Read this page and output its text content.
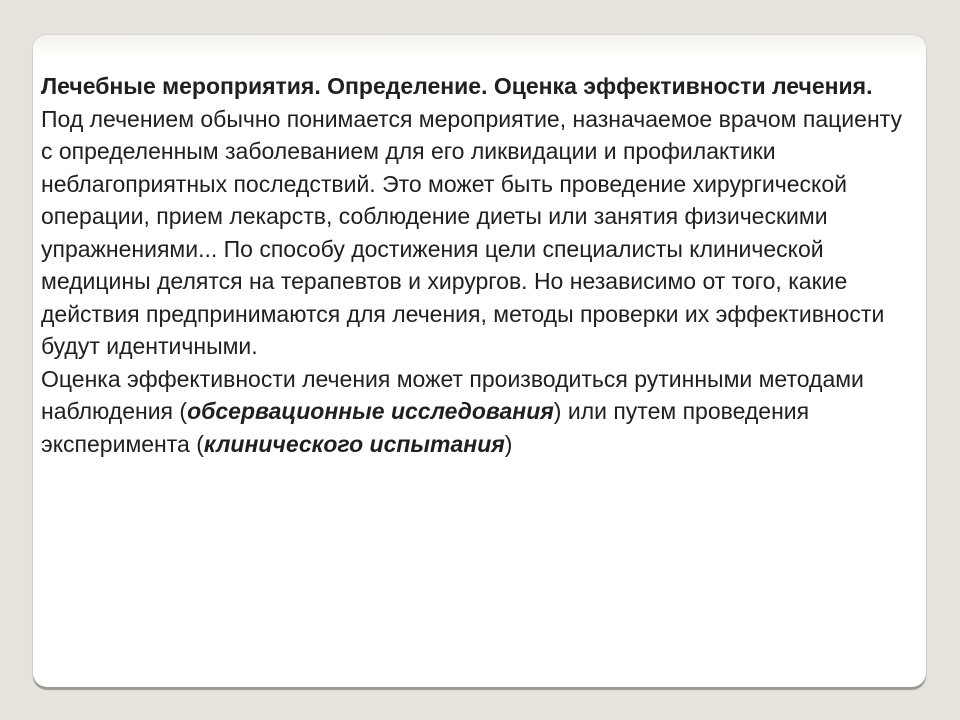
Лечебные мероприятия. Определение. Оценка эффективности лечения.

Под лечением обычно понимается мероприятие, назначаемое врачом пациенту с определенным заболеванием для его ликвидации и профилактики неблагоприятных последствий. Это может быть проведение хирургической операции, прием лекарств, соблюдение диеты или занятия физическими упражнениями... По способу достижения цели специалисты клинической медицины делятся на терапевтов и хирургов. Но независимо от того, какие действия предпринимаются для лечения, методы проверки их эффективности будут идентичными.

Оценка эффективности лечения может производиться рутинными методами наблюдения (обсервационные исследования) или путем проведения эксперимента (клинического испытания)
